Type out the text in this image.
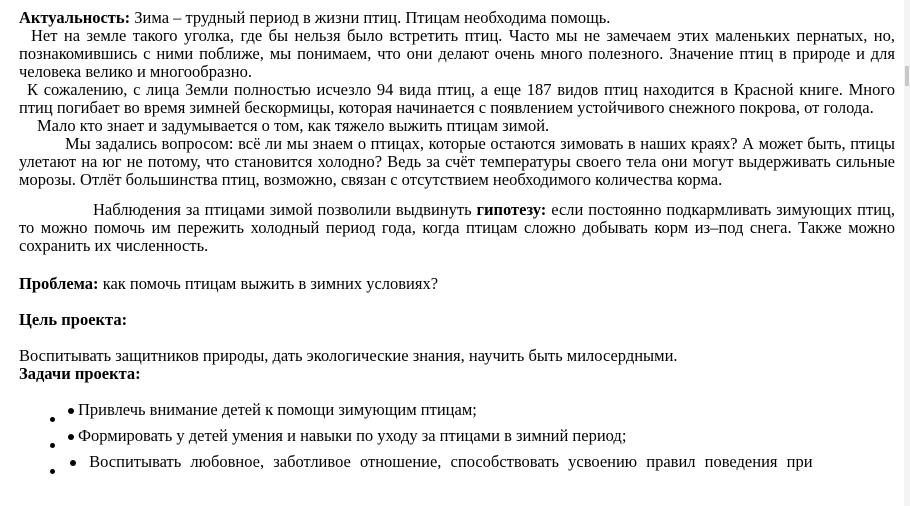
Актуальность: Зима – трудный период в жизни птиц. Птицам необходима помощь.

Нет на земле такого уголка, где бы нельзя было встретить птиц. Часто мы не замечаем этих маленьких пернатых, но, познакомившись с ними поближе, мы понимаем, что они делают очень много полезного. Значение птиц в природе и для человека велико и многообразно.

К сожалению, с лица Земли полностью исчезло 94 вида птиц, а еще 187 видов птиц находится в Красной книге. Много птиц погибает во время зимней бескормицы, которая начинается с появлением устойчивого снежного покрова, от голода.

Мало кто знает и задумывается о том, как тяжело выжить птицам зимой.

Мы задались вопросом: всё ли мы знаем о птицах, которые остаются зимовать в наших краях? А может быть, птицы улетают на юг не потому, что становится холодно? Ведь за счёт температуры своего тела они могут выдерживать сильные морозы. Отлёт большинства птиц, возможно, связан с отсутствием необходимого количества корма.

Наблюдения за птицами зимой позволили выдвинуть гипотезу: если постоянно подкармливать зимующих птиц, то можно помочь им пережить холодный период года, когда птицам сложно добывать корм из–под снега. Также можно сохранить их численность.

Проблема: как помочь птицам выжить в зимних условиях?

Цель проекта:

Воспитывать защитников природы, дать экологические знания, научить быть милосердными.

Задачи проекта:

Привлечь внимание детей к помощи зимующим птицам;
Формировать у детей умения и навыки по уходу за птицами в зимний период;
Воспитывать любовное, заботливое отношение, способствовать усвоению правил поведения при
